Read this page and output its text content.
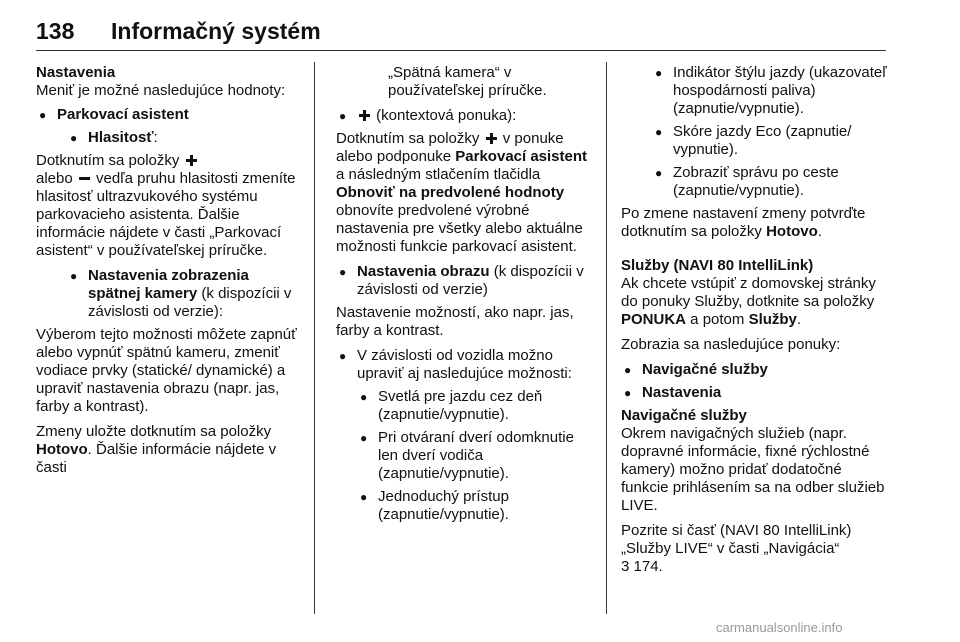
138 Informačný systém
Nastavenia

Meniť je možné nasledujúce hodnoty:

● Parkovací asistent
● Hlasitosť:

Dotknutím sa položky
alebo vedľa pruhu hlasitosti zmeníte hlasitosť ultrazvukového systému parkovacieho asistenta. Ďalšie informácie nájdete v časti „Parkovací asistent“ v používateľskej príručke.

● Nastavenia zobrazenia spätnej kamery (k dispozícii v závislosti od verzie):

Výberom tejto možnosti môžete zapnúť alebo vypnúť spätnú kameru, zmeniť vodiace prvky (statické/ dynamické) a upraviť nastavenia obrazu (napr. jas, farby a kontrast).

Zmeny uložte dotknutím sa položky Hotovo. Ďalšie informácie nájdete v časti

„Spätná kamera“ v používateľskej príručke.

● (kontextová ponuka):

Dotknutím sa položky v ponuke alebo podponuke Parkovací asistent a následným stlačením tlačidla Obnoviť na predvolené hodnoty obnovíte predvolené výrobné nastavenia pre všetky alebo aktuálne možnosti funkcie parkovací asistent.

● Nastavenia obrazu (k dispozícii v závislosti od verzie)

Nastavenie možností, ako napr. jas, farby a kontrast.

● V závislosti od vozidla možno upraviť aj nasledujúce možnosti:
● Svetlá pre jazdu cez deň (zapnutie/vypnutie).
● Pri otváraní dverí odomknutie len dverí vodiča (zapnutie/vypnutie).
● Jednoduchý prístup (zapnutie/vypnutie).
● Indikátor štýlu jazdy (ukazovateľ hospodárnosti paliva) (zapnutie/vypnutie).
● Skóre jazdy Eco (zapnutie/ vypnutie).
● Zobraziť správu po ceste (zapnutie/vypnutie).

Po zmene nastavení zmeny potvrďte dotknutím sa položky Hotovo.

Služby (NAVI 80 IntelliLink)

Ak chcete vstúpiť z domovskej stránky do ponuky Služby, dotknite sa položky PONUKA a potom Služby.

Zobrazia sa nasledujúce ponuky:

● Navigačné služby
● Nastavenia
Navigačné služby

Okrem navigačných služieb (napr. dopravné informácie, fixné rýchlostné kamery) možno pridať dodatočné funkcie prihlásením sa na odber služieb LIVE.

Pozrite si časť (NAVI 80 IntelliLink) „Služby LIVE“ v časti „Navigácia“
3 174.

carmanualsonline.info
